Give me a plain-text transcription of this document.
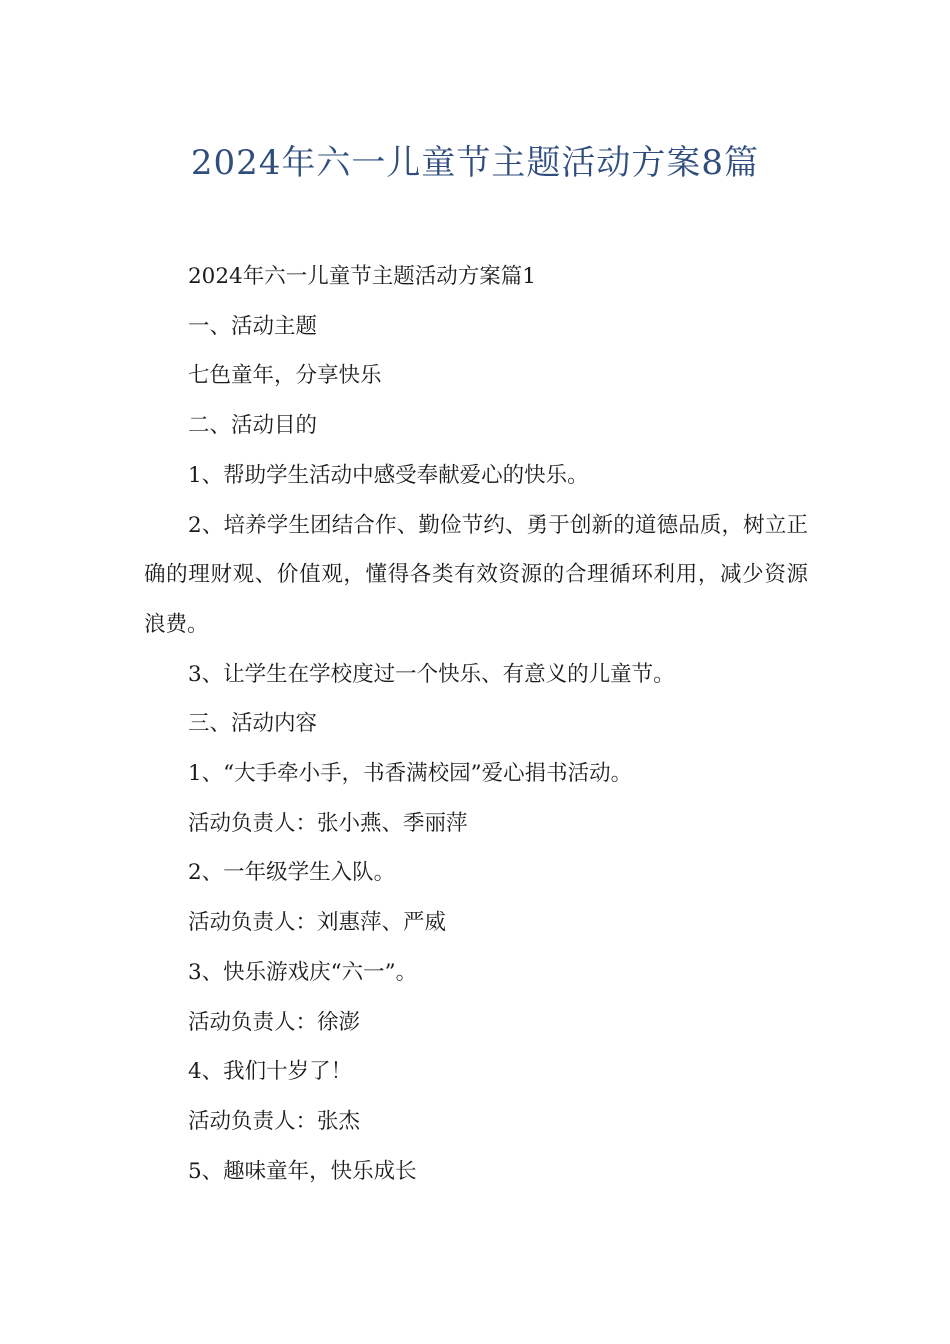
2024年六一儿童节主题活动方案8篇

2024年六一儿童节主题活动方案篇1

一、活动主题

七色童年，分享快乐

二、活动目的

1、帮助学生活动中感受奉献爱心的快乐。

2、培养学生团结合作、勤俭节约、勇于创新的道德品质，树立正确的理财观、价值观，懂得各类有效资源的合理循环利用，减少资源浪费。

3、让学生在学校度过一个快乐、有意义的儿童节。

三、活动内容

1、“大手牵小手，书香满校园”爱心捐书活动。

活动负责人：张小燕、季丽萍

2、一年级学生入队。

活动负责人：刘惠萍、严威

3、快乐游戏庆“六一”。

活动负责人：徐澎

4、我们十岁了！

活动负责人：张杰

5、趣味童年，快乐成长
